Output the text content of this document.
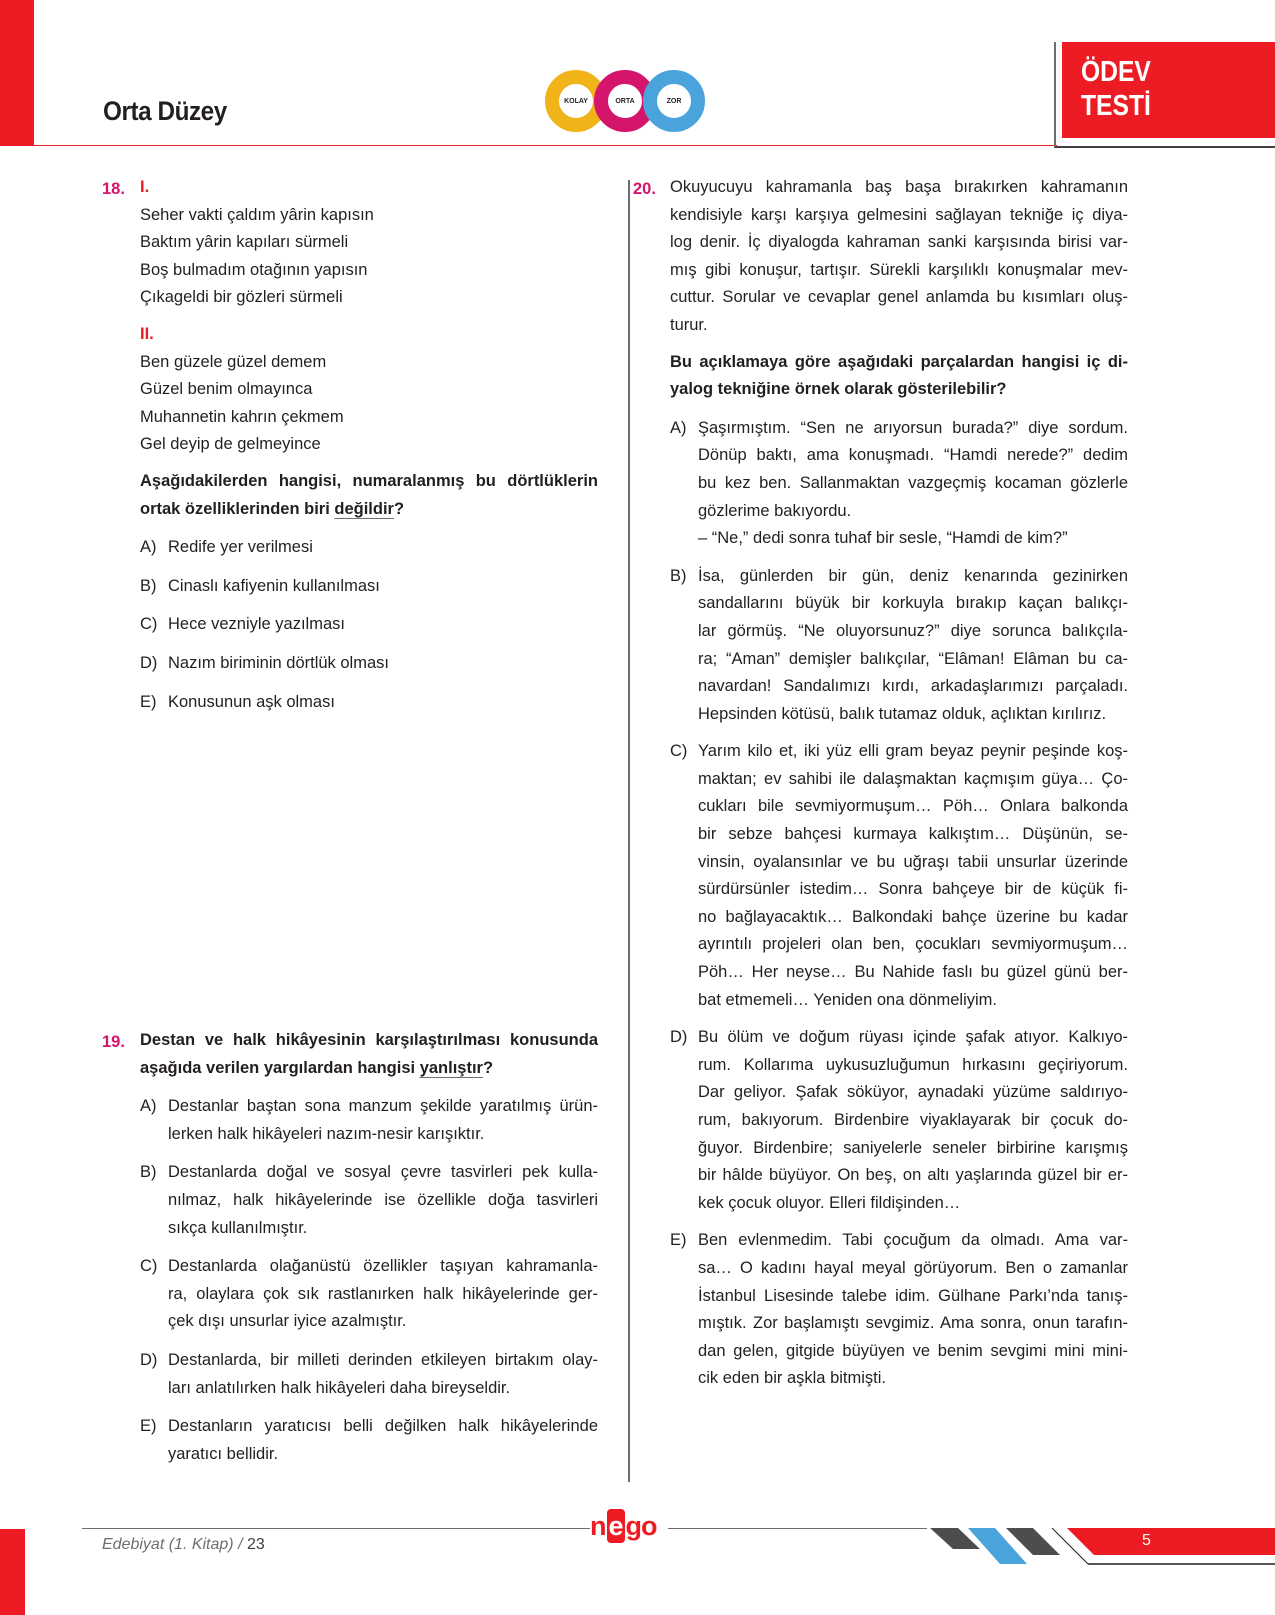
Orta Düzey	KOLAY	ORTA	ZOR
ÖDEV
TESTİ
18. I.
Seher vakti çaldım yârin kapısın
Baktım yârin kapıları sürmeli
Boş bulmadım otağının yapısın
Çıkageldi bir gözleri sürmeli
II.
Ben güzele güzel demem
Güzel benim olmayınca
Muhannetin kahrın çekmem
Gel deyip de gelmeyince
Aşağıdakilerden hangisi, numaralanmış bu dörtlüklerin
ortak özelliklerinden biri değildir?
A) Redife yer verilmesi
B) Cinaslı kafiyenin kullanılması
C) Hece vezniyle yazılması
D) Nazım biriminin dörtlük olması
E) Konusunun aşk olması
19. Destan ve halk hikâyesinin karşılaştırılması konusunda
aşağıda verilen yargılardan hangisi yanlıştır?
A) Destanlar baştan sona manzum şekilde yaratılmış ürün-
lerken halk hikâyeleri nazım-nesir karışıktır.
B) Destanlarda doğal ve sosyal çevre tasvirleri pek kulla-
nılmaz, halk hikâyelerinde ise özellikle doğa tasvirleri
sıkça kullanılmıştır.
C) Destanlarda olağanüstü özellikler taşıyan kahramanla-
ra, olaylara çok sık rastlanırken halk hikâyelerinde ger-
çek dışı unsurlar iyice azalmıştır.
D) Destanlarda, bir milleti derinden etkileyen birtakım olay-
ları anlatılırken halk hikâyeleri daha bireyseldir.
E) Destanların yaratıcısı belli değilken halk hikâyelerinde
yaratıcı bellidir.
20. Okuyucuyu kahramanla baş başa bırakırken kahramanın
kendisiyle karşı karşıya gelmesini sağlayan tekniğe iç diya-
log denir. İç diyalogda kahraman sanki karşısında birisi var-
mış gibi konuşur, tartışır. Sürekli karşılıklı konuşmalar mev-
cuttur. Sorular ve cevaplar genel anlamda bu kısımları oluş-
turur.
Bu açıklamaya göre aşağıdaki parçalardan hangisi iç di-
yalog tekniğine örnek olarak gösterilebilir?
A) Şaşırmıştım. “Sen ne arıyorsun burada?” diye sordum.
Dönüp baktı, ama konuşmadı. “Hamdi nerede?” dedim
bu kez ben. Sallanmaktan vazgeçmiş kocaman gözlerle
gözlerime bakıyordu.
– “Ne,” dedi sonra tuhaf bir sesle, “Hamdi de kim?”
B) İsa, günlerden bir gün, deniz kenarında gezinirken
sandallarını büyük bir korkuyla bırakıp kaçan balıkçı-
lar görmüş. “Ne oluyorsunuz?” diye sorunca balıkçıla-
ra; “Aman” demişler balıkçılar, “Elâman! Elâman bu ca-
navardan! Sandalımızı kırdı, arkadaşlarımızı parçaladı.
Hepsinden kötüsü, balık tutamaz olduk, açlıktan kırılırız.
C) Yarım kilo et, iki yüz elli gram beyaz peynir peşinde koş-
maktan; ev sahibi ile dalaşmaktan kaçmışım güya… Ço-
cukları bile sevmiyormuşum… Pöh… Onlara balkonda
bir sebze bahçesi kurmaya kalkıştım… Düşünün, se-
vinsin, oyalansınlar ve bu uğraşı tabii unsurlar üzerinde
sürdürsünler istedim… Sonra bahçeye bir de küçük fi-
no bağlayacaktık… Balkondaki bahçe üzerine bu kadar
ayrıntılı projeleri olan ben, çocukları sevmiyormuşum…
Pöh… Her neyse… Bu Nahide faslı bu güzel günü ber-
bat etmemeli… Yeniden ona dönmeliyim.
D) Bu ölüm ve doğum rüyası içinde şafak atıyor. Kalkıyo-
rum. Kollarıma uykusuzluğumun hırkasını geçiriyorum.
Dar geliyor. Şafak söküyor, aynadaki yüzüme saldırıyo-
rum, bakıyorum. Birdenbire viyaklayarak bir çocuk do-
ğuyor. Birdenbire; saniyelerle seneler birbirine karışmış
bir hâlde büyüyor. On beş, on altı yaşlarında güzel bir er-
kek çocuk oluyor. Elleri fildişinden…
E) Ben evlenmedim. Tabi çocuğum da olmadı. Ama var-
sa… O kadını hayal meyal görüyorum. Ben o zamanlar
İstanbul Lisesinde talebe idim. Gülhane Parkı’nda tanış-
mıştık. Zor başlamıştı sevgimiz. Ama sonra, onun tarafın-
dan gelen, gitgide büyüyen ve benim sevgimi mini mini-
cik eden bir aşkla bitmişti.
Edebiyat (1. Kitap) / 23
n e go	5
